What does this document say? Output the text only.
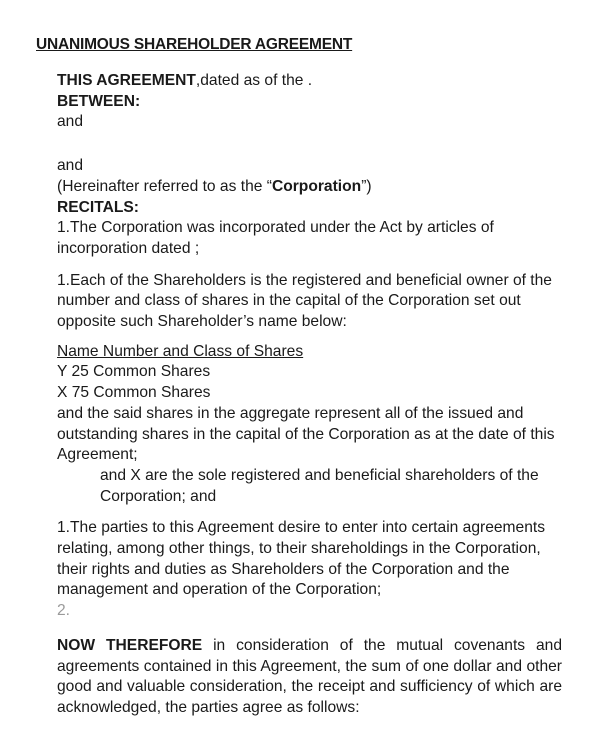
UNANIMOUS SHAREHOLDER AGREEMENT
THIS AGREEMENT,dated as of the .
BETWEEN:
and
and
(Hereinafter referred to as the “Corporation”)
RECITALS:
1.The Corporation was incorporated under the Act by articles of incorporation dated ;
1.Each of the Shareholders is the registered and beneficial owner of the number and class of shares in the capital of the Corporation set out opposite such Shareholder’s name below:
Name Number and Class of Shares
Y 25 Common Shares
X 75 Common Shares
and the said shares in the aggregate represent all of the issued and outstanding shares in the capital of the Corporation as at the date of this Agreement;
and X are the sole registered and beneficial shareholders of the Corporation; and
1.The parties to this Agreement desire to enter into certain agreements relating, among other things, to their shareholdings in the Corporation, their rights and duties as Shareholders of the Corporation and the management and operation of the Corporation;
2.
NOW THEREFORE in consideration of the mutual covenants and agreements contained in this Agreement, the sum of one dollar and other good and valuable consideration, the receipt and sufficiency of which are acknowledged, the parties agree as follows:
